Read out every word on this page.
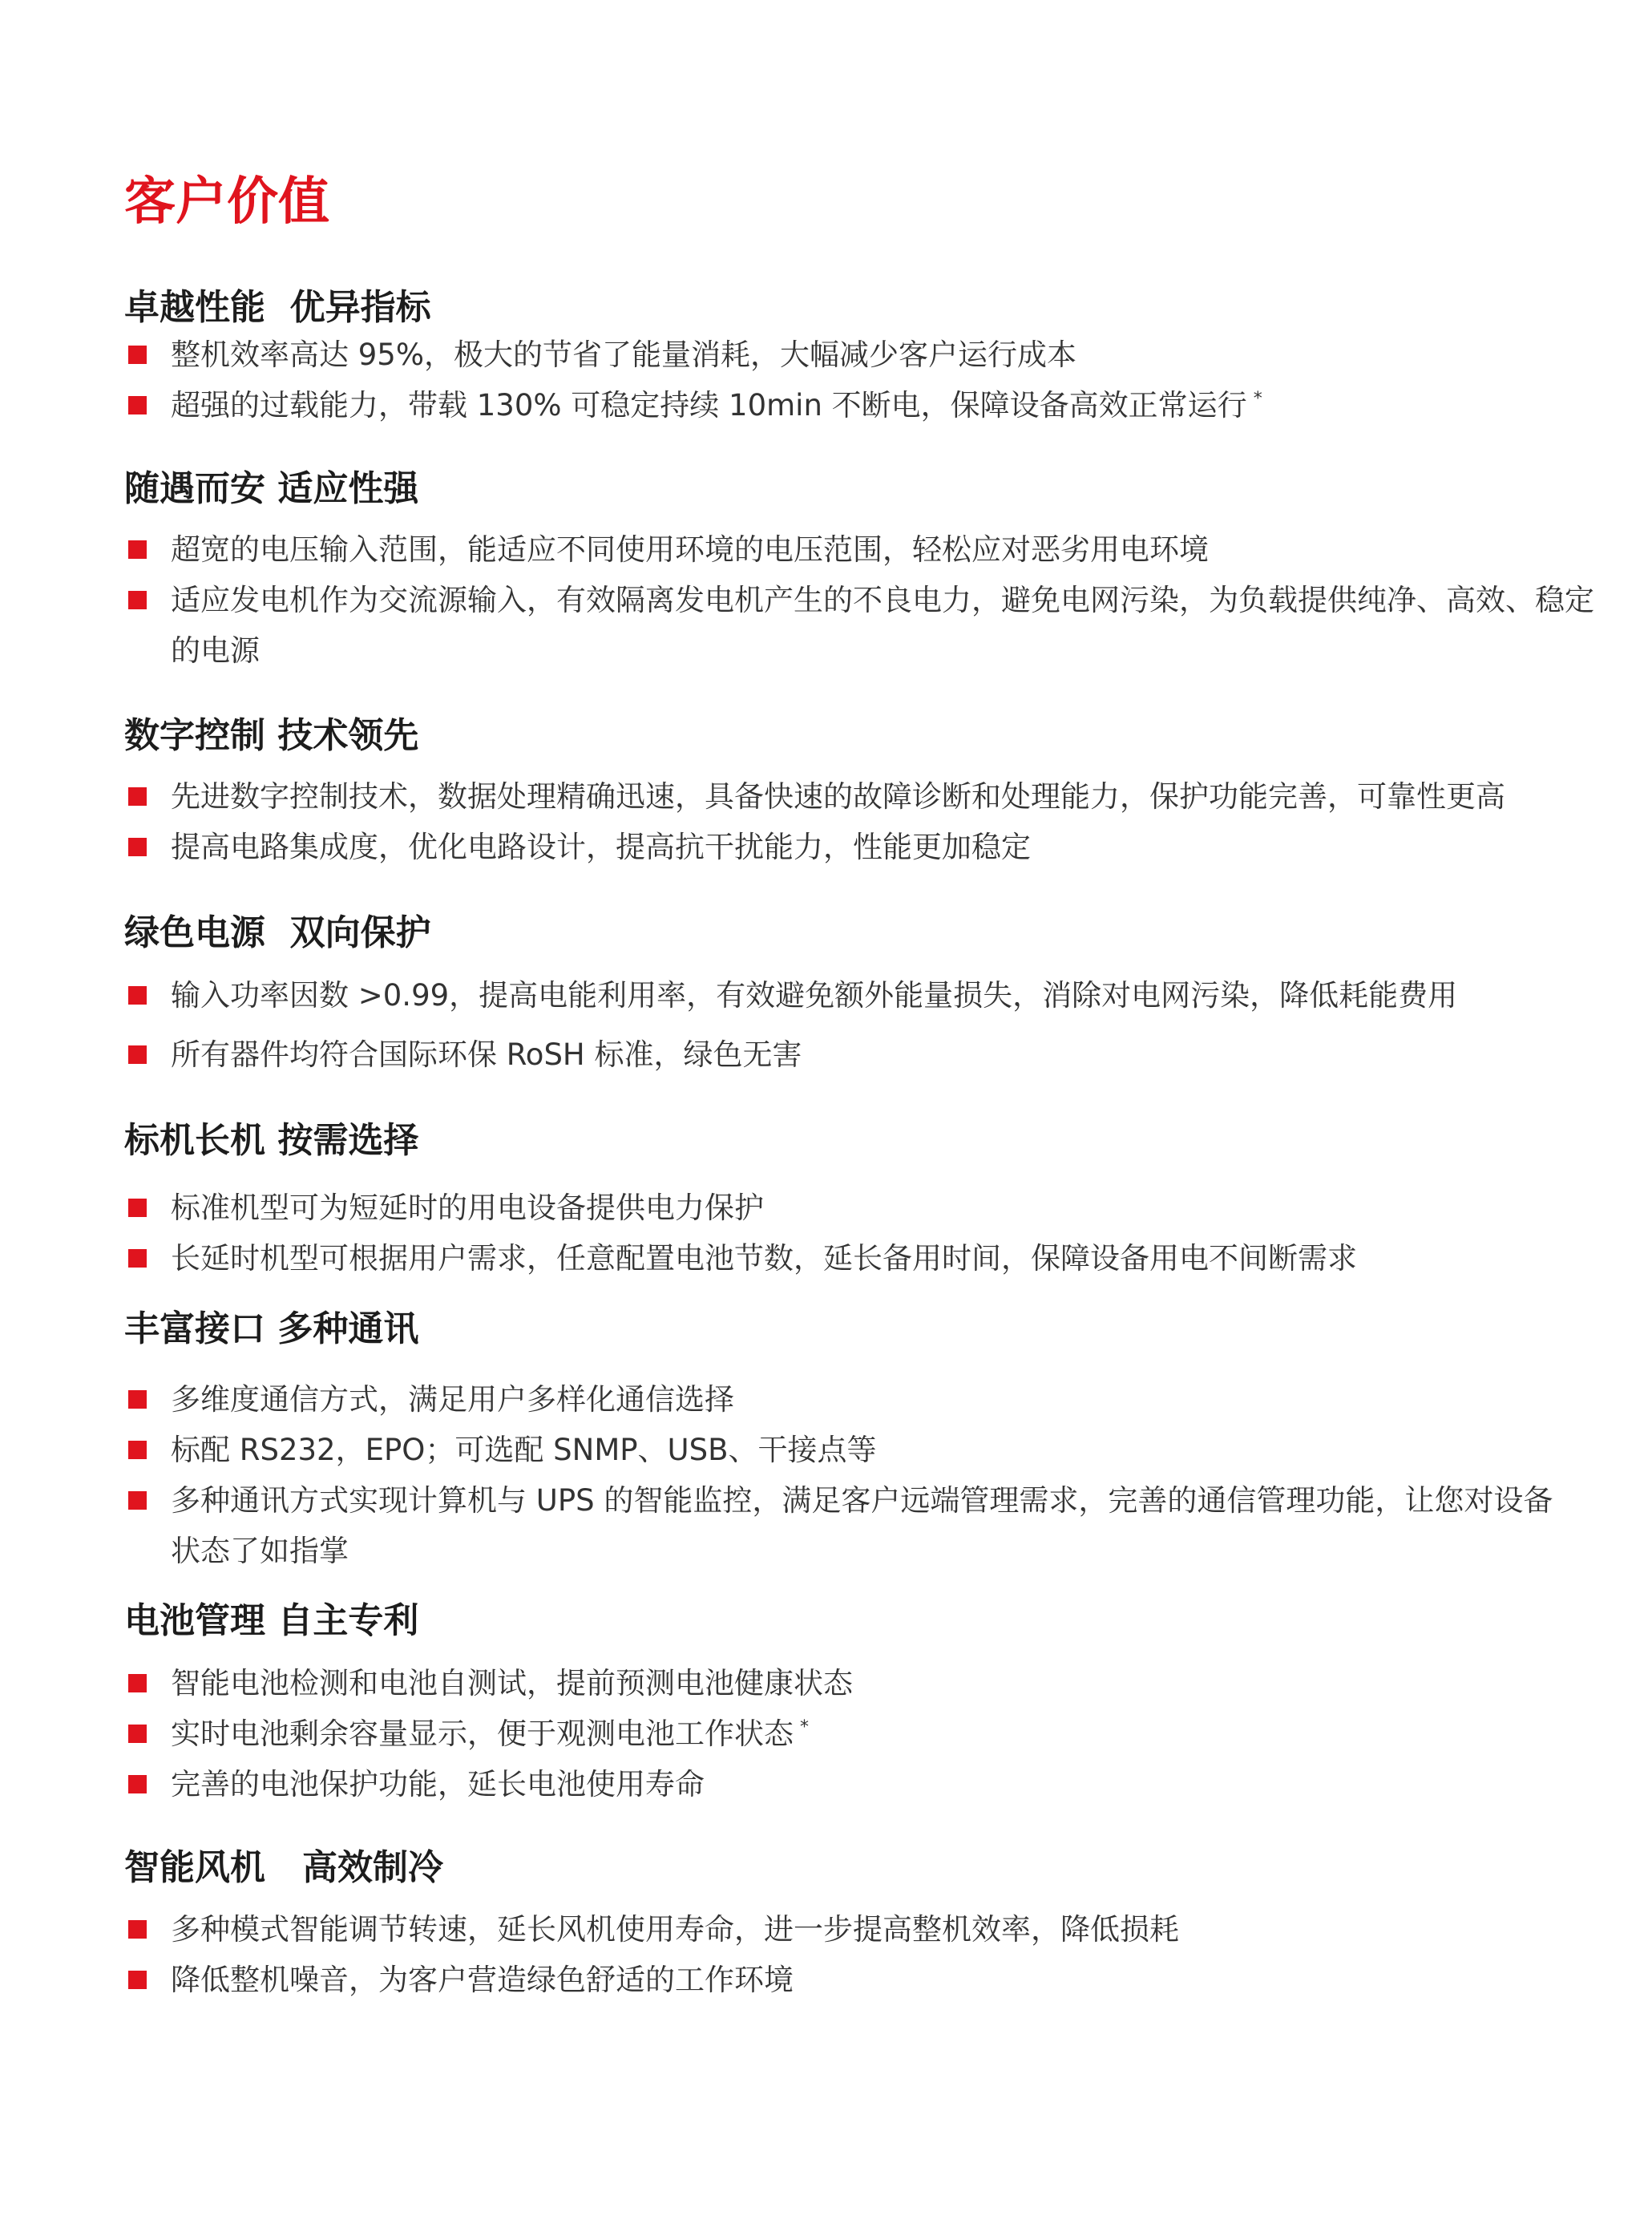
客户价值
卓越性能  优异指标
整机效率高达 95%，极大的节省了能量消耗，大幅减少客户运行成本
超强的过载能力，带载 130% 可稳定持续 10min 不断电，保障设备高效正常运行 *
随遇而安 适应性强
超宽的电压输入范围，能适应不同使用环境的电压范围，轻松应对恶劣用电环境
适应发电机作为交流源输入，有效隔离发电机产生的不良电力，避免电网污染，为负载提供纯净、高效、稳定
的电源
数字控制 技术领先
先进数字控制技术，数据处理精确迅速，具备快速的故障诊断和处理能力，保护功能完善，可靠性更高
提高电路集成度，优化电路设计，提高抗干扰能力，性能更加稳定
绿色电源  双向保护
输入功率因数 >0.99，提高电能利用率，有效避免额外能量损失，消除对电网污染，降低耗能费用
所有器件均符合国际环保 RoSH 标准，绿色无害
标机长机 按需选择
标准机型可为短延时的用电设备提供电力保护
长延时机型可根据用户需求，任意配置电池节数，延长备用时间，保障设备用电不间断需求
丰富接口 多种通讯
多维度通信方式，满足用户多样化通信选择
标配 RS232，EPO；可选配 SNMP、USB、干接点等
多种通讯方式实现计算机与 UPS 的智能监控，满足客户远端管理需求，完善的通信管理功能，让您对设备
状态了如指掌
电池管理 自主专利
智能电池检测和电池自测试，提前预测电池健康状态
实时电池剩余容量显示，便于观测电池工作状态 *
完善的电池保护功能，延长电池使用寿命
智能风机   高效制冷
多种模式智能调节转速，延长风机使用寿命，进一步提高整机效率，降低损耗
降低整机噪音，为客户营造绿色舒适的工作环境
